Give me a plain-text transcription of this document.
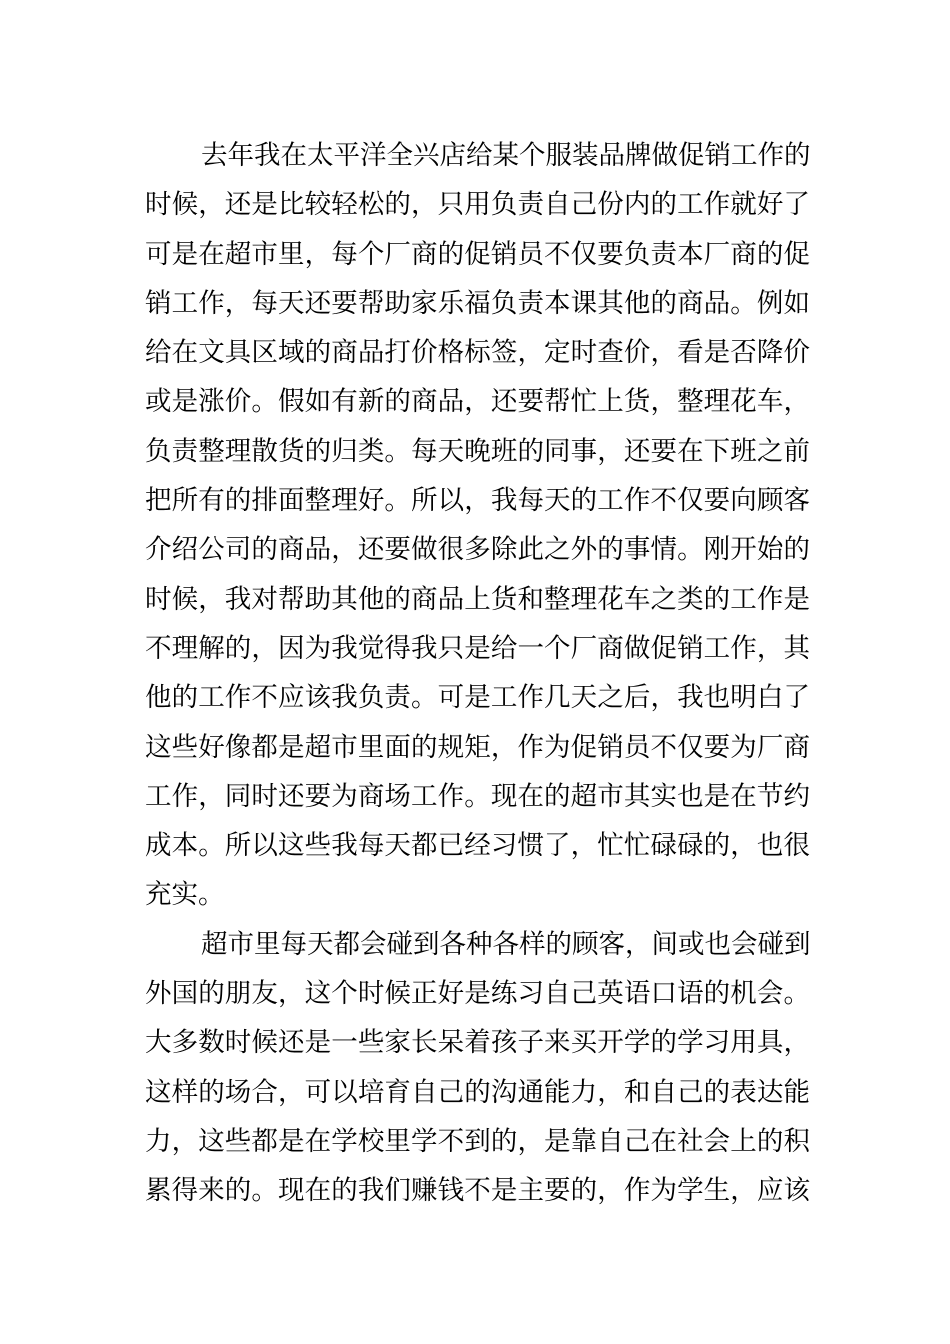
去年我在太平洋全兴店给某个服装品牌做促销工作的
时候，还是比较轻松的，只用负责自己份内的工作就好了
可是在超市里，每个厂商的促销员不仅要负责本厂商的促
销工作，每天还要帮助家乐福负责本课其他的商品。例如
给在文具区域的商品打价格标签，定时查价，看是否降价
或是涨价。假如有新的商品，还要帮忙上货，整理花车，
负责整理散货的归类。每天晚班的同事，还要在下班之前
把所有的排面整理好。所以，我每天的工作不仅要向顾客
介绍公司的商品，还要做很多除此之外的事情。刚开始的
时候，我对帮助其他的商品上货和整理花车之类的工作是
不理解的，因为我觉得我只是给一个厂商做促销工作，其
他的工作不应该我负责。可是工作几天之后，我也明白了
这些好像都是超市里面的规矩，作为促销员不仅要为厂商
工作，同时还要为商场工作。现在的超市其实也是在节约
成本。所以这些我每天都已经习惯了，忙忙碌碌的，也很
充实。
超市里每天都会碰到各种各样的顾客，间或也会碰到
外国的朋友，这个时候正好是练习自己英语口语的机会。
大多数时候还是一些家长呆着孩子来买开学的学习用具，
这样的场合，可以培育自己的沟通能力，和自己的表达能
力，这些都是在学校里学不到的，是靠自己在社会上的积
累得来的。现在的我们赚钱不是主要的，作为学生，应该
